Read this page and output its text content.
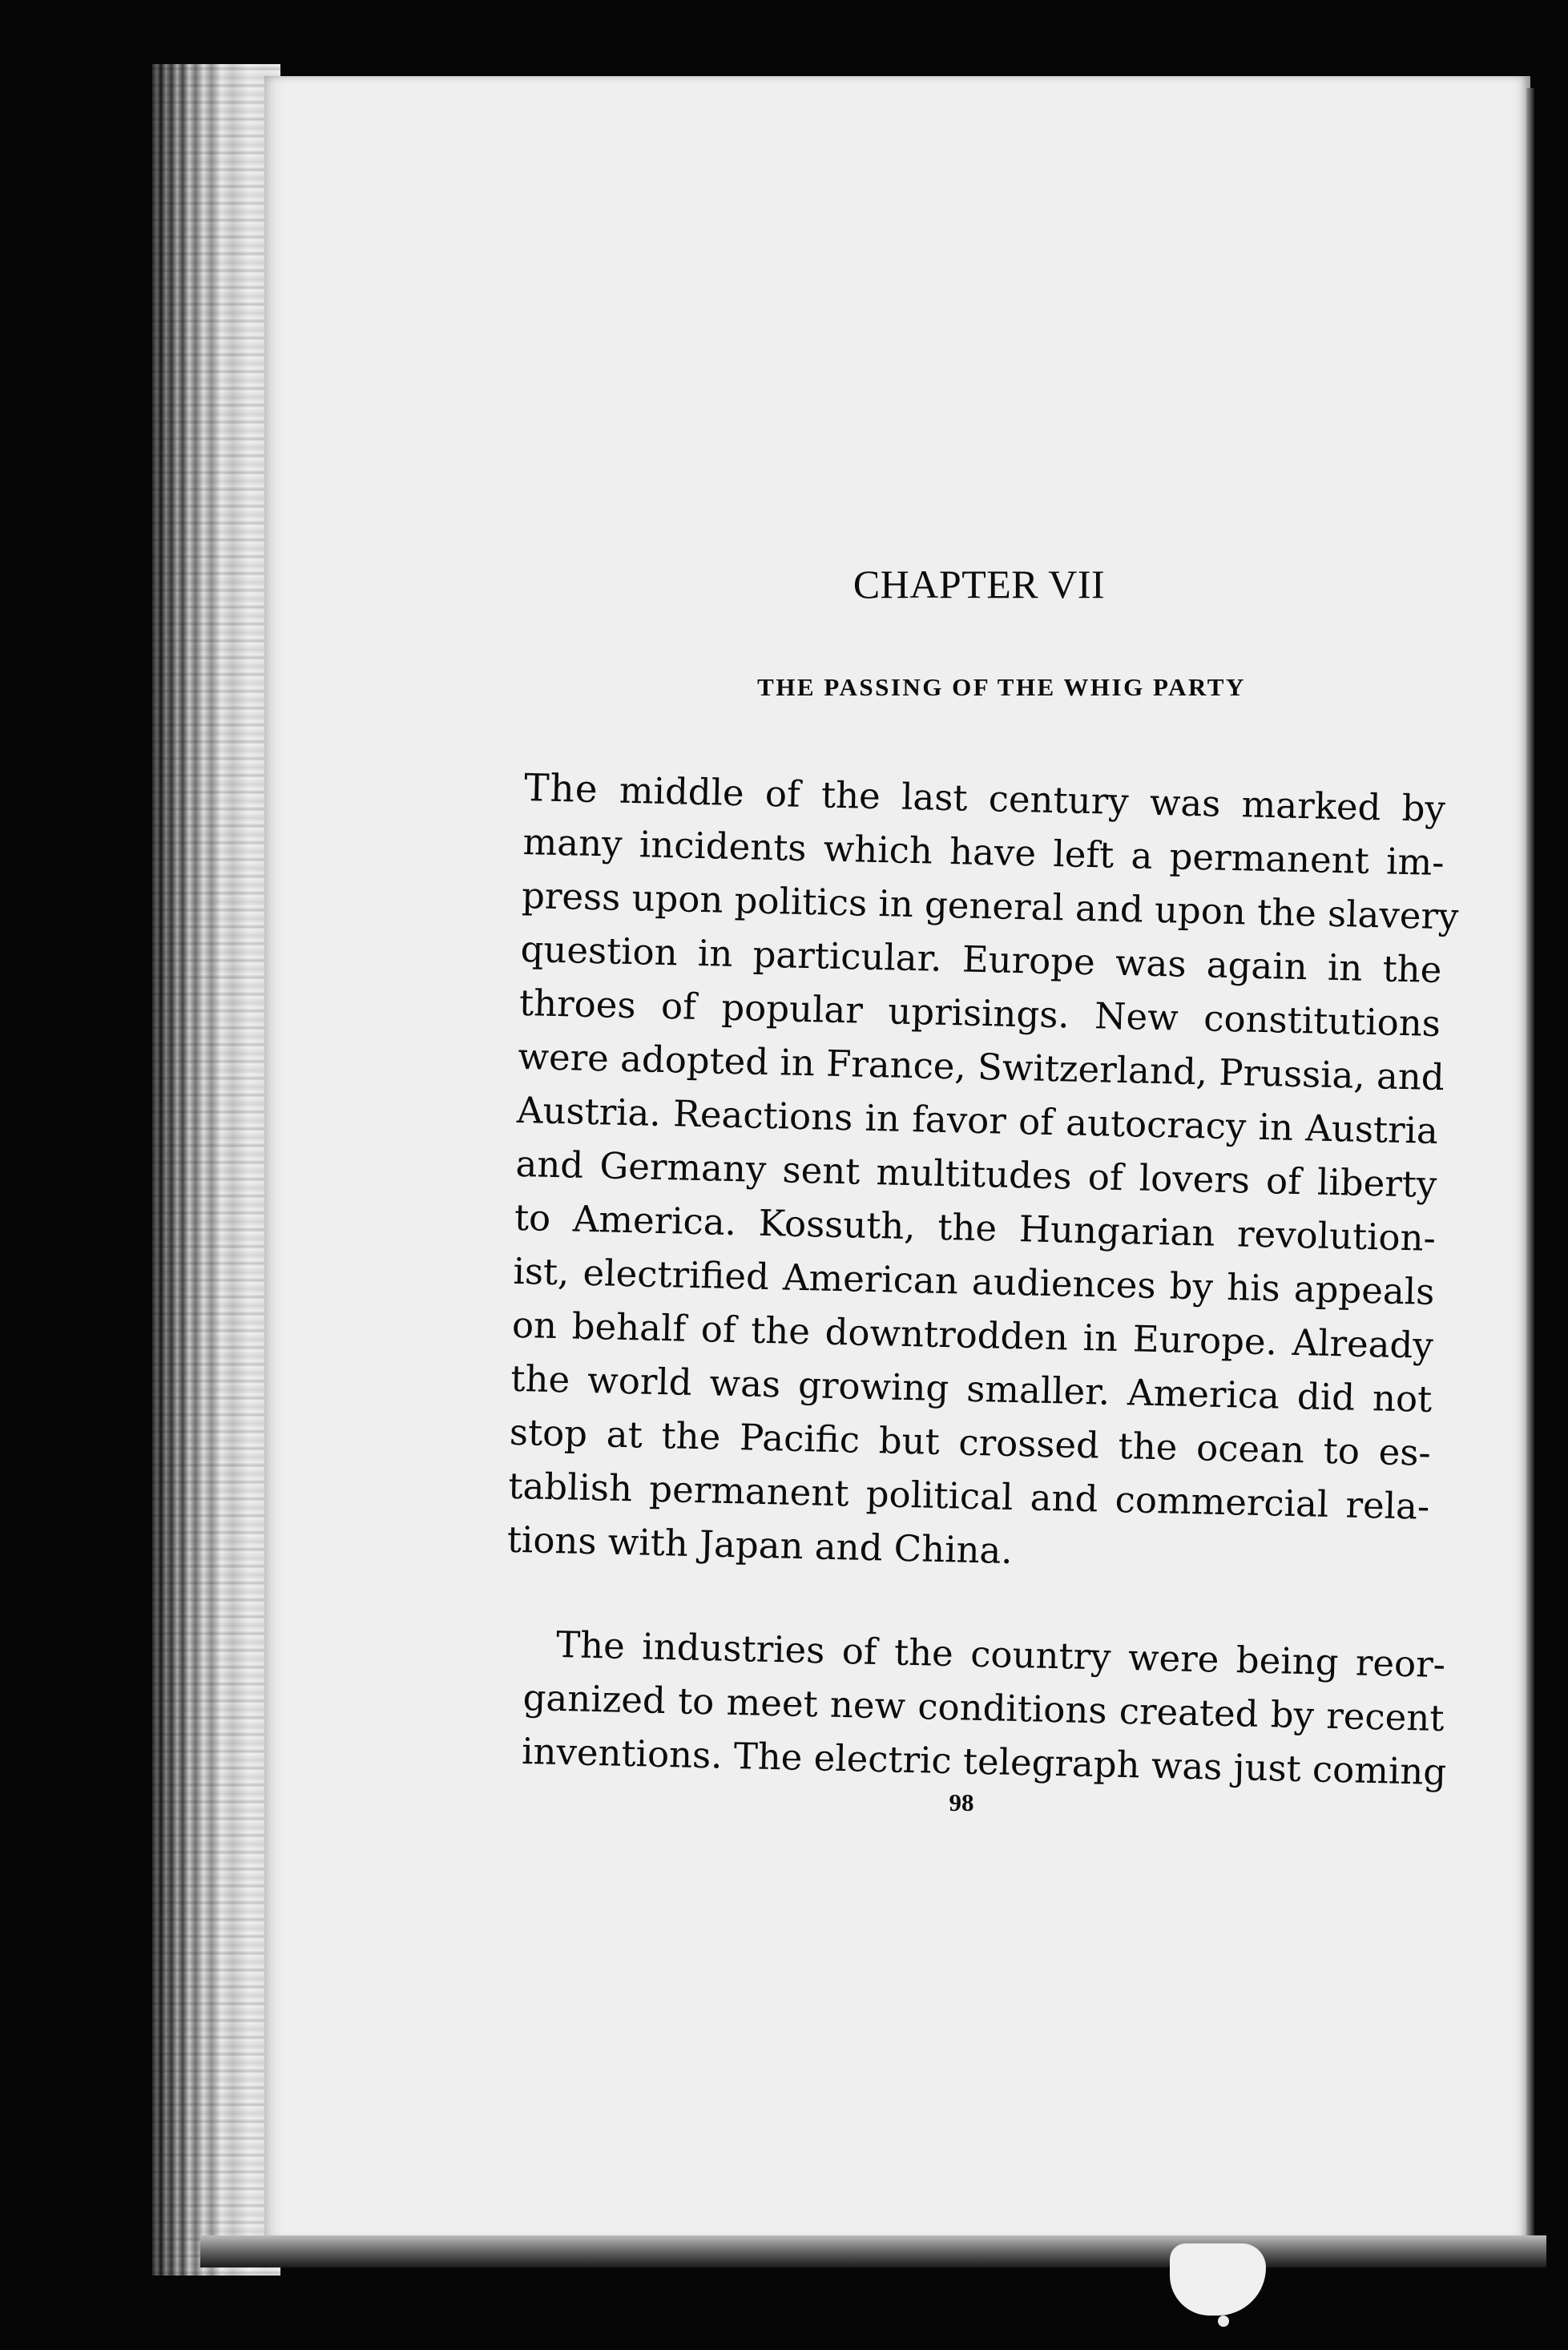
CHAPTER VII
THE PASSING OF THE WHIG PARTY
The middle of the last century was marked by
many incidents which have left a permanent im-
press upon politics in general and upon the slavery
question in particular. Europe was again in the
throes of popular uprisings. New constitutions
were adopted in France, Switzerland, Prussia, and
Austria. Reactions in favor of autocracy in Austria
and Germany sent multitudes of lovers of liberty
to America. Kossuth, the Hungarian revolution-
ist, electrified American audiences by his appeals
on behalf of the downtrodden in Europe. Already
the world was growing smaller. America did not
stop at the Pacific but crossed the ocean to es-
tablish permanent political and commercial rela-
tions with Japan and China.
The industries of the country were being reor-
ganized to meet new conditions created by recent
inventions. The electric telegraph was just coming
98
